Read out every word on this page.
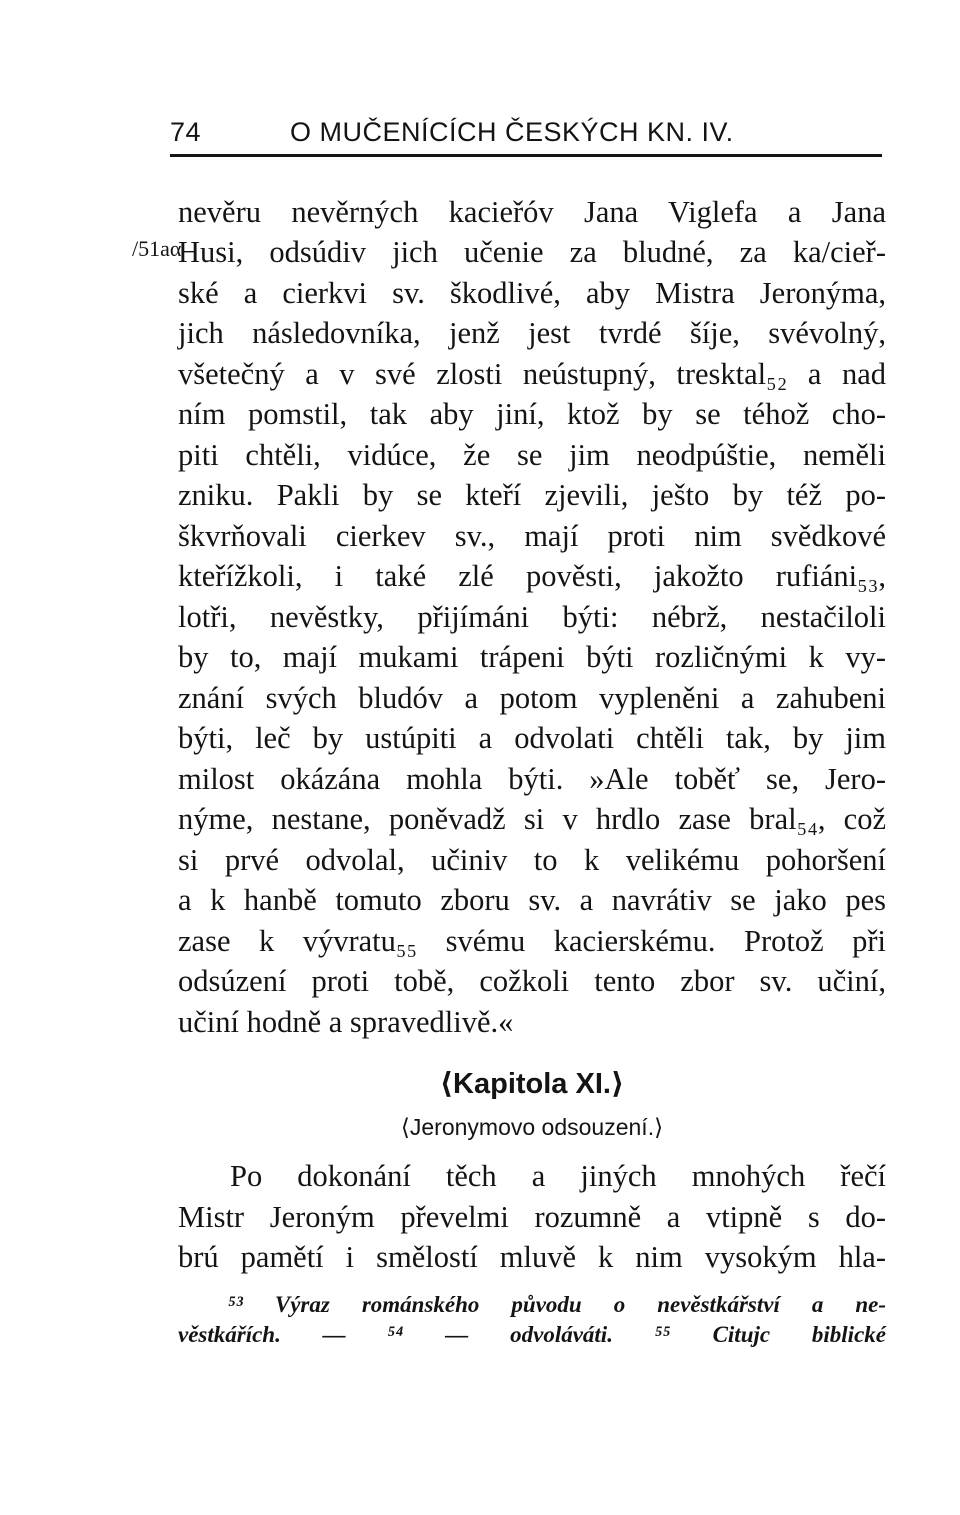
74	O MUČENÍCÍCH ČESKÝCH KN. IV.
/51aα
nevěru nevěrných kacieřóv Jana Viglefa a Jana
Husi, odsúdiv jich učenie za bludné, za ka/cieř-
ské a cierkvi sv. škodlivé, aby Mistra Jeronýma,
jich následovníka, jenž jest tvrdé šíje, svévolný,
všetečný a v své zlosti neústupný, tresktal₅₂ a nad
ním pomstil, tak aby jiní, ktož by se téhož cho-
piti chtěli, vidúce, že se jim neodpúštie, neměli
zniku. Pakli by se kteří zjevili, ješto by též po-
škvrňovali cierkev sv., mají proti nim svědkové
kteřížkoli, i také zlé pověsti, jakožto rufiáni₅₃,
lotři, nevěstky, přijímáni býti: nébrž, nestačiloli
by to, mají mukami trápeni býti rozličnými k vy-
znání svých bludóv a potom vypleněni a zahubeni
býti, leč by ustúpiti a odvolati chtěli tak, by jim
milost okázána mohla býti. »Ale toběť se, Jero-
nýme, nestane, poněvadž si v hrdlo zase bral₅₄, což
si prvé odvolal, učiniv to k velikému pohoršení
a k hanbě tomuto zboru sv. a navrátiv se jako pes
zase k vývratu₅₅ svému kacierskému. Protož při
odsúzení proti tobě, cožkoli tento zbor sv. učiní,
učiní hodně a spravedlivě.«
⟨Kapitola XI.⟩
⟨Jeronymovo odsouzení.⟩
Po dokonání těch a jiných mnohých řečí
Mistr Jeroným převelmi rozumně a vtipně s do-
brú pamětí i smělostí mluvě k nim vysokým hla-
⁵³ Výraz románského původu o nevěstkářství a ne-
věstkářích. — ⁵⁴ — odvoláváti. ⁵⁵ Citujc biblické
